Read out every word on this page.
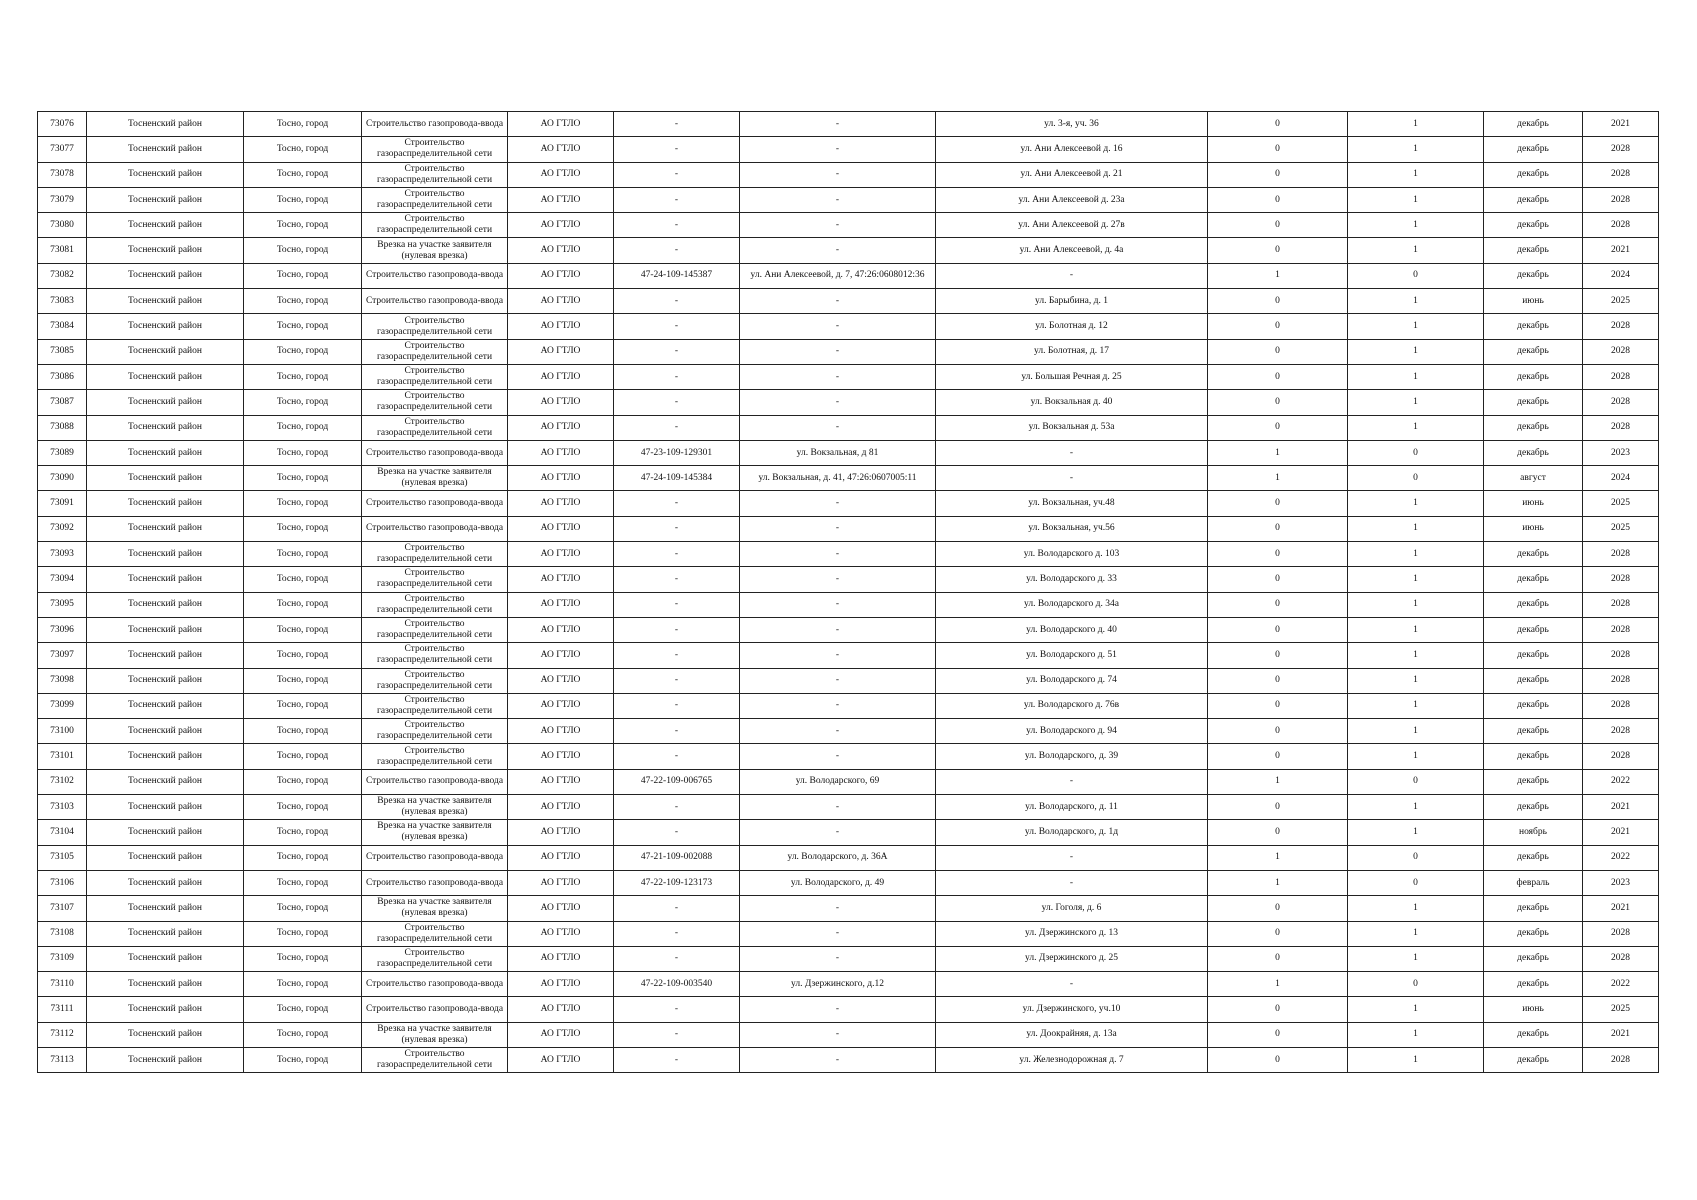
73076	Тосненский район	Тосно, город	Строительство газопровода-ввода	АО ГТЛО	-	-	ул. 3-я, уч. 36	0	1	декабрь	2021
73077	Тосненский район	Тосно, город	Строительство газораспределительной сети	АО ГТЛО	-	-	ул. Ани Алексеевой д. 16	0	1	декабрь	2028
73078	Тосненский район	Тосно, город	Строительство газораспределительной сети	АО ГТЛО	-	-	ул. Ани Алексеевой д. 21	0	1	декабрь	2028
73079	Тосненский район	Тосно, город	Строительство газораспределительной сети	АО ГТЛО	-	-	ул. Ани Алексеевой д. 23а	0	1	декабрь	2028
73080	Тосненский район	Тосно, город	Строительство газораспределительной сети	АО ГТЛО	-	-	ул. Ани Алексеевой д. 27в	0	1	декабрь	2028
73081	Тосненский район	Тосно, город	Врезка на участке заявителя (нулевая врезка)	АО ГТЛО	-	-	ул. Ани Алексеевой, д. 4а	0	1	декабрь	2021
73082	Тосненский район	Тосно, город	Строительство газопровода-ввода	АО ГТЛО	47-24-109-145387	ул. Ани Алексеевой, д. 7, 47:26:0608012:36	-	1	0	декабрь	2024
73083	Тосненский район	Тосно, город	Строительство газопровода-ввода	АО ГТЛО	-	-	ул. Барыбина, д. 1	0	1	июнь	2025
73084	Тосненский район	Тосно, город	Строительство газораспределительной сети	АО ГТЛО	-	-	ул. Болотная д. 12	0	1	декабрь	2028
73085	Тосненский район	Тосно, город	Строительство газораспределительной сети	АО ГТЛО	-	-	ул. Болотная, д. 17	0	1	декабрь	2028
73086	Тосненский район	Тосно, город	Строительство газораспределительной сети	АО ГТЛО	-	-	ул. Большая Речная д. 25	0	1	декабрь	2028
73087	Тосненский район	Тосно, город	Строительство газораспределительной сети	АО ГТЛО	-	-	ул. Вокзальная д. 40	0	1	декабрь	2028
73088	Тосненский район	Тосно, город	Строительство газораспределительной сети	АО ГТЛО	-	-	ул. Вокзальная д. 53а	0	1	декабрь	2028
73089	Тосненский район	Тосно, город	Строительство газопровода-ввода	АО ГТЛО	47-23-109-129301	ул. Вокзальная, д 81	-	1	0	декабрь	2023
73090	Тосненский район	Тосно, город	Врезка на участке заявителя (нулевая врезка)	АО ГТЛО	47-24-109-145384	ул. Вокзальная, д. 41, 47:26:0607005:11	-	1	0	август	2024
73091	Тосненский район	Тосно, город	Строительство газопровода-ввода	АО ГТЛО	-	-	ул. Вокзальная, уч.48	0	1	июнь	2025
73092	Тосненский район	Тосно, город	Строительство газопровода-ввода	АО ГТЛО	-	-	ул. Вокзальная, уч.56	0	1	июнь	2025
73093	Тосненский район	Тосно, город	Строительство газораспределительной сети	АО ГТЛО	-	-	ул. Володарского д. 103	0	1	декабрь	2028
73094	Тосненский район	Тосно, город	Строительство газораспределительной сети	АО ГТЛО	-	-	ул. Володарского д. 33	0	1	декабрь	2028
73095	Тосненский район	Тосно, город	Строительство газораспределительной сети	АО ГТЛО	-	-	ул. Володарского д. 34а	0	1	декабрь	2028
73096	Тосненский район	Тосно, город	Строительство газораспределительной сети	АО ГТЛО	-	-	ул. Володарского д. 40	0	1	декабрь	2028
73097	Тосненский район	Тосно, город	Строительство газораспределительной сети	АО ГТЛО	-	-	ул. Володарского д. 51	0	1	декабрь	2028
73098	Тосненский район	Тосно, город	Строительство газораспределительной сети	АО ГТЛО	-	-	ул. Володарского д. 74	0	1	декабрь	2028
73099	Тосненский район	Тосно, город	Строительство газораспределительной сети	АО ГТЛО	-	-	ул. Володарского д. 76в	0	1	декабрь	2028
73100	Тосненский район	Тосно, город	Строительство газораспределительной сети	АО ГТЛО	-	-	ул. Володарского д. 94	0	1	декабрь	2028
73101	Тосненский район	Тосно, город	Строительство газораспределительной сети	АО ГТЛО	-	-	ул. Володарского, д. 39	0	1	декабрь	2028
73102	Тосненский район	Тосно, город	Строительство газопровода-ввода	АО ГТЛО	47-22-109-006765	ул. Володарского, 69	-	1	0	декабрь	2022
73103	Тосненский район	Тосно, город	Врезка на участке заявителя (нулевая врезка)	АО ГТЛО	-	-	ул. Володарского, д. 11	0	1	декабрь	2021
73104	Тосненский район	Тосно, город	Врезка на участке заявителя (нулевая врезка)	АО ГТЛО	-	-	ул. Володарского, д. 1д	0	1	ноябрь	2021
73105	Тосненский район	Тосно, город	Строительство газопровода-ввода	АО ГТЛО	47-21-109-002088	ул. Володарского, д. 36А	-	1	0	декабрь	2022
73106	Тосненский район	Тосно, город	Строительство газопровода-ввода	АО ГТЛО	47-22-109-123173	ул. Володарского, д. 49	-	1	0	февраль	2023
73107	Тосненский район	Тосно, город	Врезка на участке заявителя (нулевая врезка)	АО ГТЛО	-	-	ул. Гоголя, д. 6	0	1	декабрь	2021
73108	Тосненский район	Тосно, город	Строительство газораспределительной сети	АО ГТЛО	-	-	ул. Дзержинского д. 13	0	1	декабрь	2028
73109	Тосненский район	Тосно, город	Строительство газораспределительной сети	АО ГТЛО	-	-	ул. Дзержинского д. 25	0	1	декабрь	2028
73110	Тосненский район	Тосно, город	Строительство газопровода-ввода	АО ГТЛО	47-22-109-003540	ул. Дзержинского, д.12	-	1	0	декабрь	2022
73111	Тосненский район	Тосно, город	Строительство газопровода-ввода	АО ГТЛО	-	-	ул. Дзержинского, уч.10	0	1	июнь	2025
73112	Тосненский район	Тосно, город	Врезка на участке заявителя (нулевая врезка)	АО ГТЛО	-	-	ул. Доокрайняя, д. 13а	0	1	декабрь	2021
73113	Тосненский район	Тосно, город	Строительство газораспределительной сети	АО ГТЛО	-	-	ул. Железнодорожная д. 7	0	1	декабрь	2028
